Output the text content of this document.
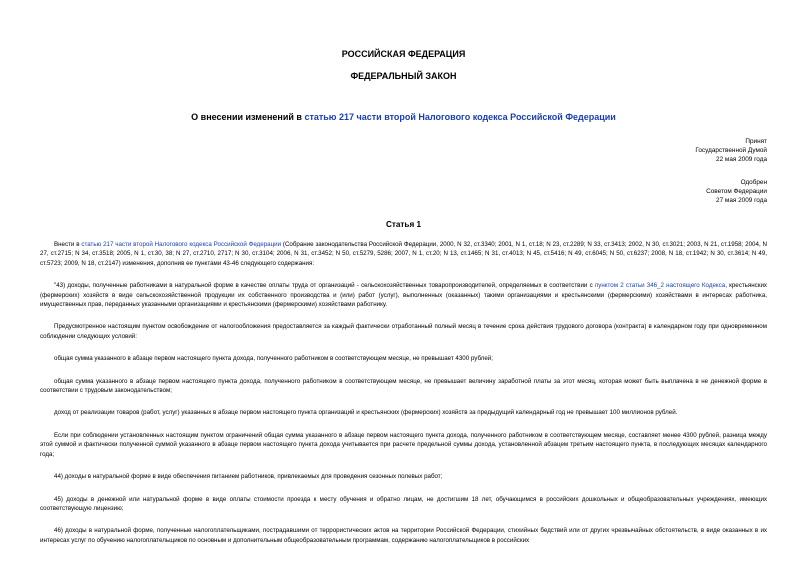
РОССИЙСКАЯ ФЕДЕРАЦИЯ
ФЕДЕРАЛЬНЫЙ ЗАКОН
О внесении изменений в статью 217 части второй Налогового кодекса Российской Федерации
Принят
Государственной Думой
22 мая 2009 года
Одобрен
Советом Федерации
27 мая 2009 года
Статья 1

Внести в статью 217 части второй Налогового кодекса Российской Федерации (Собрание законодательства Российской Федерации, 2000, N 32, ст.3340; 2001, N 1, ст.18; N 23, ст.2289; N 33, ст.3413; 2002, N 30, ст.3021; 2003, N 21, ст.1958; 2004, N 27, ст.2715; N 34, ст.3518; 2005, N 1, ст.30, 38; N 27, ст.2710, 2717; N 30, ст.3104; 2006, N 31, ст.3452; N 50, ст.5279, 5286; 2007, N 1, ст.20; N 13, ст.1465; N 31, ст.4013; N 45, ст.5416; N 49, ст.6045; N 50, ст.6237; 2008, N 18, ст.1942; N 30, ст.3614; N 49, ст.5723; 2009, N 18, ст.2147) изменения, дополнив ее пунктами 43-46 следующего содержания:

"43) доходы, полученные работниками в натуральной форме в качестве оплаты труда от организаций - сельскохозяйственных товаропроизводителей, определяемых в соответствии с пунктом 2 статьи 346_2 настоящего Кодекса, крестьянских (фермерских) хозяйств в виде сельскохозяйственной продукции их собственного производства и (или) работ (услуг), выполненных (оказанных) такими организациями и крестьянскими (фермерскими) хозяйствами в интересах работника, имущественных прав, переданных указанными организациями и крестьянскими (фермерскими) хозяйствами работнику.

Предусмотренное настоящим пунктом освобождение от налогообложения предоставляется за каждый фактически отработанный полный месяц в течение срока действия трудового договора (контракта) в календарном году при одновременном соблюдении следующих условий:

общая сумма указанного в абзаце первом настоящего пункта дохода, полученного работником в соответствующем месяце, не превышает 4300 рублей;

общая сумма указанного в абзаце первом настоящего пункта дохода, полученного работником в соответствующем месяце, не превышает величину заработной платы за этот месяц, которая может быть выплачена в не денежной форме в соответствии с трудовым законодательством;

доход от реализации товаров (работ, услуг) указанных в абзаце первом настоящего пункта организаций и крестьянских (фермерских) хозяйств за предыдущий календарный год не превышает 100 миллионов рублей.

Если при соблюдении установленных настоящим пунктом ограничений общая сумма указанного в абзаце первом настоящего пункта дохода, полученного работником в соответствующем месяце, составляет менее 4300 рублей, разница между этой суммой и фактически полученной суммой указанного в абзаце первом настоящего пункта дохода учитывается при расчете предельной суммы дохода, установленной абзацем третьим настоящего пункта, в последующих месяцах календарного года;

44) доходы в натуральной форме в виде обеспечения питанием работников, привлекаемых для проведения сезонных полевых работ;

45) доходы в денежной или натуральной форме в виде оплаты стоимости проезда к месту обучения и обратно лицам, не достигшим 18 лет, обучающимся в российских дошкольных и общеобразовательных учреждениях, имеющих соответствующую лицензию;

46) доходы в натуральной форме, полученные налогоплательщиками, пострадавшими от террористических актов на территории Российской Федерации, стихийных бедствий или от других чрезвычайных обстоятельств, в виде оказанных в их интересах услуг по обучению налогоплательщиков по основным и дополнительным общеобразовательным программам, содержанию налогоплательщиков в российских
